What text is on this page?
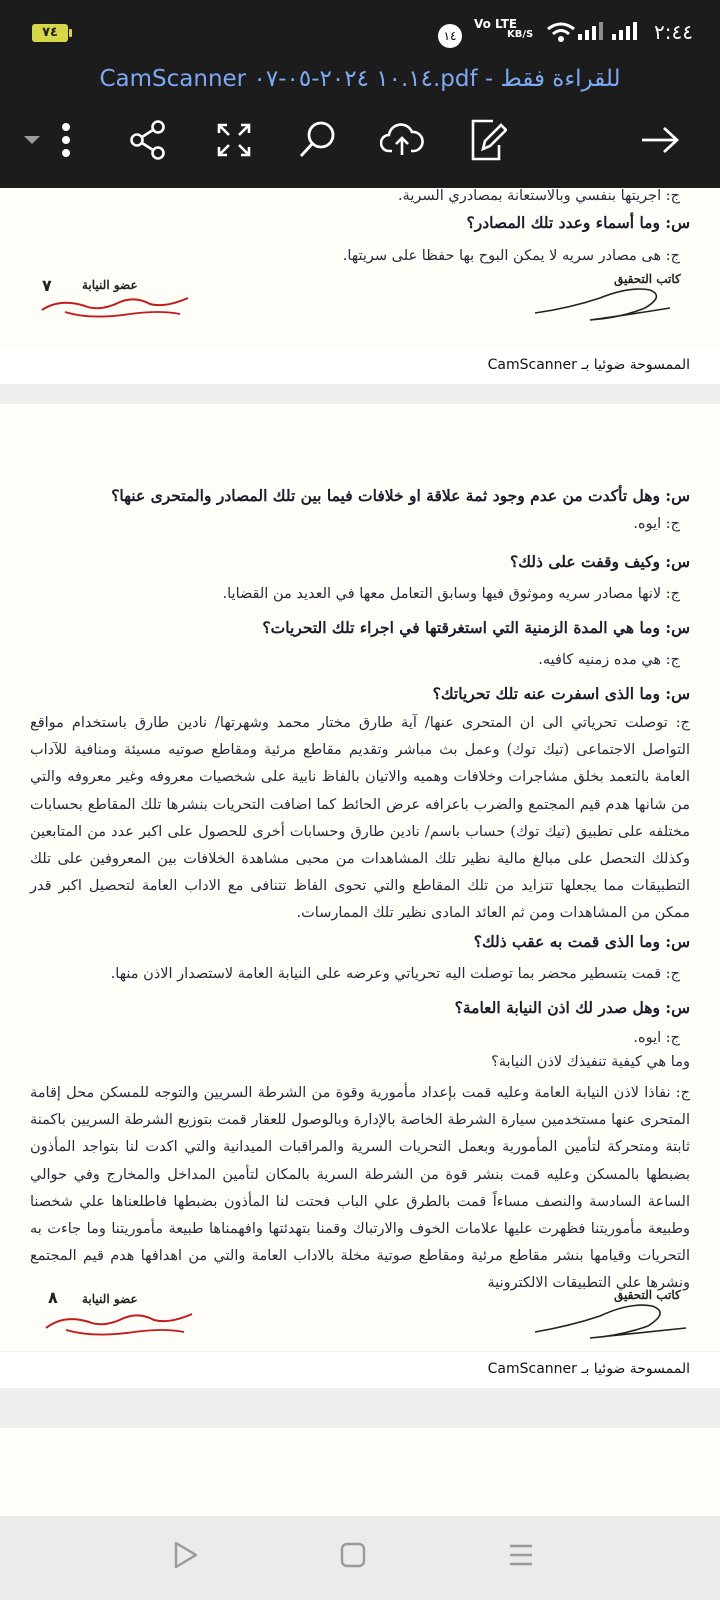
٧٤	١٤
Vo LTE
KB/S	٢:٤٤
CamScanner ١٠.١٤ ٢٠٢٤-٠٥-٠٧.pdf - للقراءة فقط

ج: اجريتها بنفسي وبالاستعانة بمصادري السرية.

س: وما أسماء وعدد تلك المصادر؟

ج: هى مصادر سريه لا يمكن البوح بها حفظا على سريتها.

كاتب التحقيق
عضو النيابة
٧
الممسوحة ضوئيا بـ CamScanner

س: وهل تأكدت من عدم وجود ثمة علاقة او خلافات فيما بين تلك المصادر والمتحرى عنها؟

ج: ايوه.

س: وكيف وقفت على ذلك؟

ج: لانها مصادر سريه وموثوق فيها وسابق التعامل معها في العديد من القضايا.

س: وما هي المدة الزمنية التي استغرقتها في اجراء تلك التحريات؟

ج: هي مده زمنيه كافيه.

س: وما الذى اسفرت عنه تلك تحرياتك؟

ج: توصلت تحرياتي الى ان المتحرى عنها/ آية طارق مختار محمد وشهرتها/ نادين طارق باستخدام مواقع التواصل الاجتماعى (تيك توك) وعمل بث مباشر وتقديم مقاطع مرئية ومقاطع صوتيه مسيئة ومنافية للآداب العامة بالتعمد بخلق مشاجرات وخلافات وهميه والاتيان بالفاظ نابية على شخصيات معروفه وغير معروفه والتي من شانها هدم قيم المجتمع والضرب باعرافه عرض الحائط كما اضافت التحريات بنشرها تلك المقاطع بحسابات مختلفه على تطبيق (تيك توك) حساب باسم/ نادين طارق وحسابات أخرى للحصول على اكبر عدد من المتابعين وكذلك التحصل على مبالغ مالية نظير تلك المشاهدات من محبى مشاهدة الخلافات بين المعروفين على تلك التطبيقات مما يجعلها تتزايد من تلك المقاطع والتي تحوى الفاظ تتنافى مع الاداب العامة لتحصيل اكبر قدر ممكن من المشاهدات ومن ثم العائد المادى نظير تلك الممارسات.

س: وما الذى قمت به عقب ذلك؟

ج: قمت بتسطير محضر بما توصلت اليه تحرياتي وعرضه على النيابة العامة لاستصدار الاذن منها.

س: وهل صدر لك اذن النيابة العامة؟

ج: ايوه.

وما هي كيفية تنفيذك لاذن النيابة؟

ج: نفاذا لاذن النيابة العامة وعليه قمت بإعداد مأمورية وقوة من الشرطة السريين والتوجه للمسكن محل إقامة المتحرى عنها مستخدمين سيارة الشرطة الخاصة بالإدارة وبالوصول للعقار قمت بتوزيع الشرطة السريين باكمنة ثابتة ومتحركة لتأمين المأمورية وبعمل التحريات السرية والمراقبات الميدانية والتي اكدت لنا بتواجد المأذون بضبطها بالمسكن وعليه قمت بنشر قوة من الشرطة السرية بالمكان لتأمين المداخل والمخارج وفي حوالي الساعة السادسة والنصف مساءاً قمت بالطرق علي الباب فحتت لنا المأذون بضبطها فاطلعناها علي شخصنا وطبيعة مأموريتنا فظهرت عليها علامات الخوف والارتباك وقمنا بتهدئتها وافهمناها طبيعة مأموريتنا وما جاءت به التحريات وقيامها بنشر مقاطع مرئية ومقاطع صوتية مخلة بالاداب العامة والتي من اهدافها هدم قيم المجتمع ونشرها علي التطبيقات الالكترونية

كاتب التحقيق
عضو النيابة
٨
الممسوحة ضوئيا بـ CamScanner
